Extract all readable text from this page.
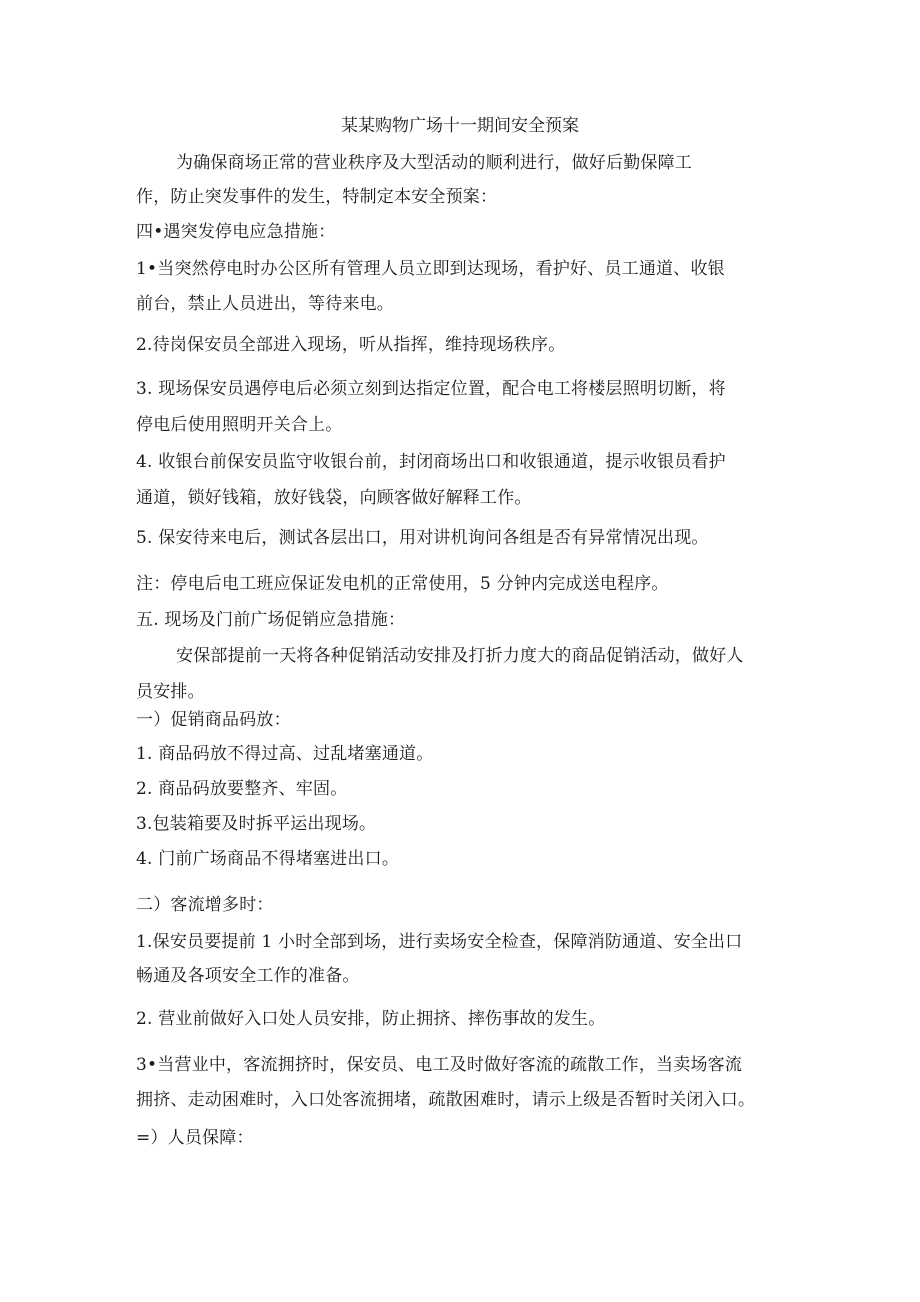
某某购物广场十一期间安全预案
为确保商场正常的营业秩序及大型活动的顺利进行，做好后勤保障工
作，防止突发事件的发生，特制定本安全预案：
四•遇突发停电应急措施：
1•当突然停电时办公区所有管理人员立即到达现场，看护好、员工通道、收银
前台，禁止人员进出，等待来电。
2.待岗保安员全部进入现场，听从指挥，维持现场秩序。
3. 现场保安员遇停电后必须立刻到达指定位置，配合电工将楼层照明切断，将
停电后使用照明开关合上。
4. 收银台前保安员监守收银台前，封闭商场出口和收银通道，提示收银员看护
通道，锁好钱箱，放好钱袋，向顾客做好解释工作。
5. 保安待来电后，测试各层出口，用对讲机询问各组是否有异常情况出现。
注：停电后电工班应保证发电机的正常使用，5 分钟内完成送电程序。
五. 现场及门前广场促销应急措施：
安保部提前一天将各种促销活动安排及打折力度大的商品促销活动，做好人
员安排。
一）促销商品码放：
1. 商品码放不得过高、过乱堵塞通道。
2. 商品码放要整齐、牢固。
3.包装箱要及时拆平运出现场。
4. 门前广场商品不得堵塞进出口。
二）客流增多时：
1.保安员要提前 1 小时全部到场，进行卖场安全检查，保障消防通道、安全出口
畅通及各项安全工作的准备。
2. 营业前做好入口处人员安排，防止拥挤、摔伤事故的发生。
3•当营业中，客流拥挤时，保安员、电工及时做好客流的疏散工作，当卖场客流
拥挤、走动困难时，入口处客流拥堵，疏散困难时，请示上级是否暂时关闭入口。
=）人员保障：
